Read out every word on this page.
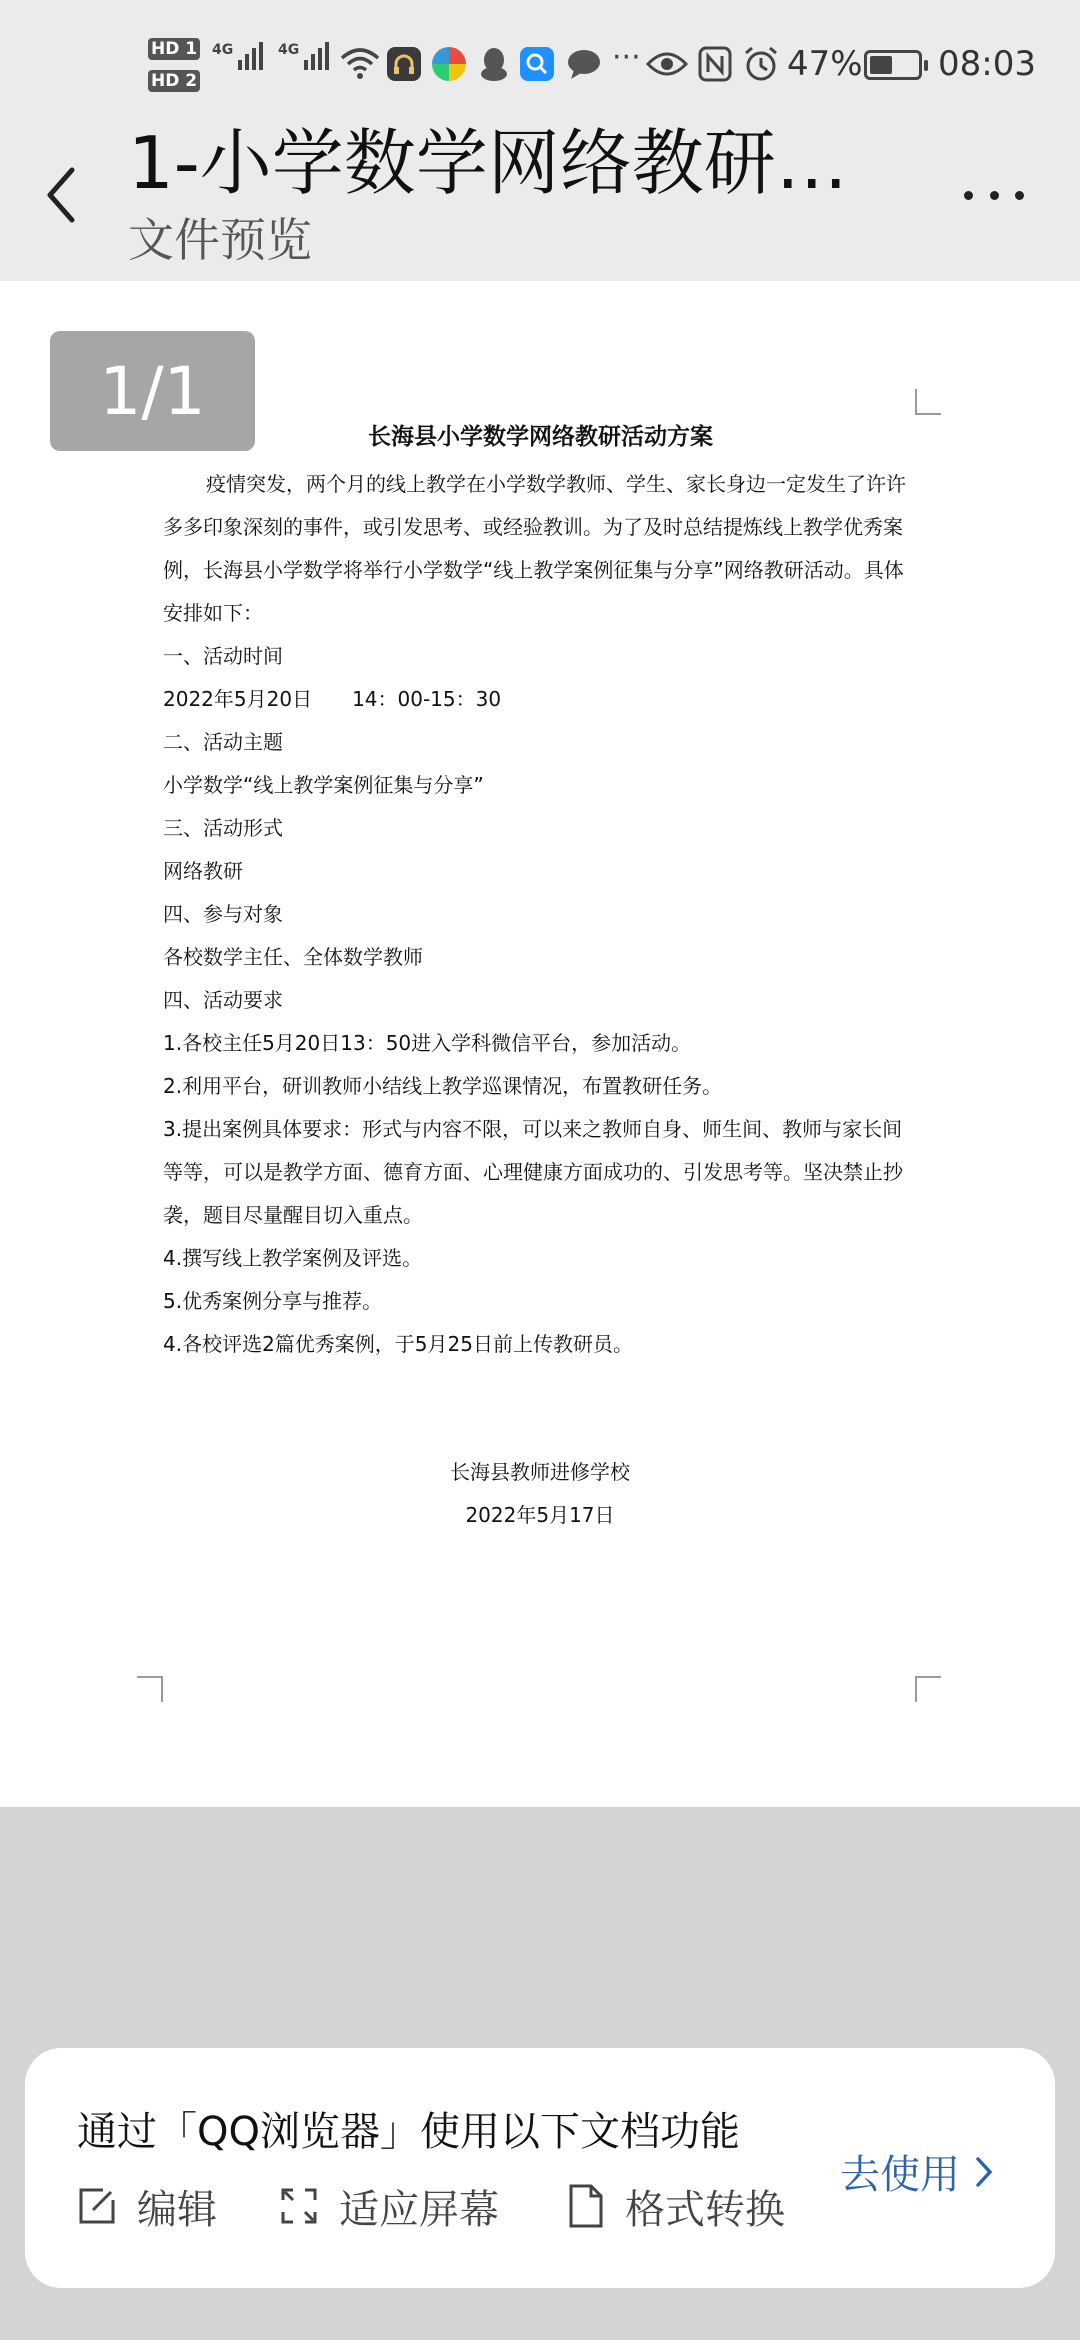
HD 1
HD 2
4G	4G	···	47% 08:03
1-小学数学网络教研…
文件预览
1/1
长海县小学数学网络教研活动方案

疫情突发，两个月的线上教学在小学数学教师、学生、家长身边一定发生了许许多多印象深刻的事件，或引发思考、或经验教训。为了及时总结提炼线上教学优秀案例，长海县小学数学将举行小学数学“线上教学案例征集与分享”网络教研活动。具体安排如下：

一、活动时间

2022年5月20日　　14：00-15：30

二、活动主题

小学数学“线上教学案例征集与分享”

三、活动形式

网络教研

四、参与对象

各校数学主任、全体数学教师

四、活动要求

1.各校主任5月20日13：50进入学科微信平台，参加活动。

2.利用平台，研训教师小结线上教学巡课情况，布置教研任务。

3.提出案例具体要求：形式与内容不限，可以来之教师自身、师生间、教师与家长间等等，可以是教学方面、德育方面、心理健康方面成功的、引发思考等。坚决禁止抄袭，题目尽量醒目切入重点。

4.撰写线上教学案例及评选。

5.优秀案例分享与推荐。

4.各校评选2篇优秀案例，于5月25日前上传教研员。

长海县教师进修学校
2022年5月17日
通过「QQ浏览器」使用以下文档功能
编辑	适应屏幕	格式转换
去使用
